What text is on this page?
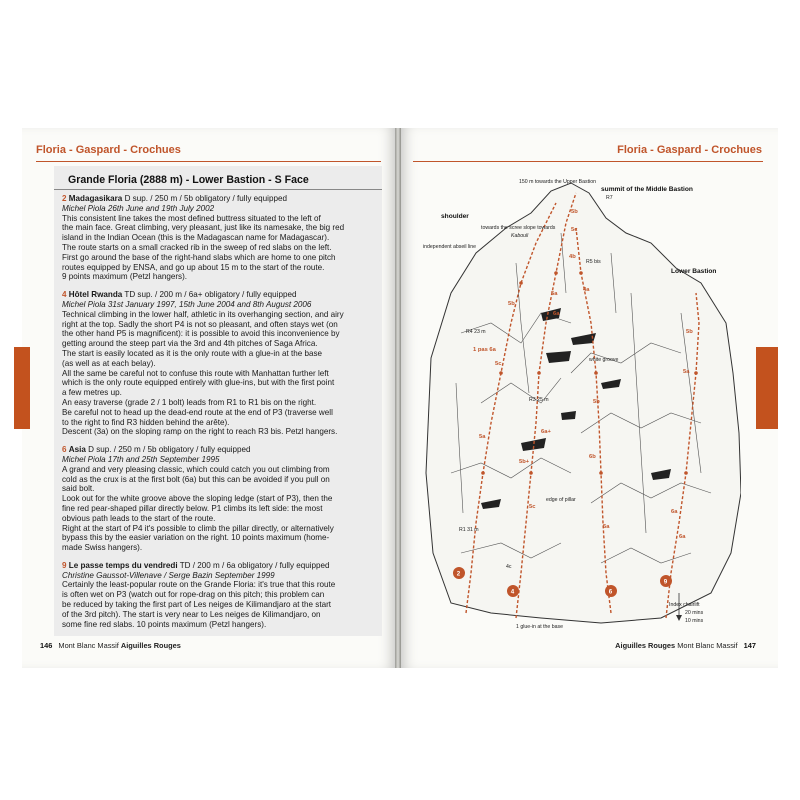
Floria - Gaspard - Crochues
Grande Floria (2888 m) - Lower Bastion - S Face
2 Madagasikara D sup. / 250 m / 5b obligatory / fully equipped
Michel Piola 26th June and 19th July 2002
This consistent line takes the most defined buttress situated to the left of
the main face. Great climbing, very pleasant, just like its namesake, the big red
island in the Indian Ocean (this is the Madagascan name for Madagascar).
The route starts on a small cracked rib in the sweep of red slabs on the left.
First go around the base of the right-hand slabs which are home to one pitch
routes equipped by ENSA, and go up about 15 m to the start of the route.
9 points maximum (Petzl hangers).
4 Hôtel Rwanda TD sup. / 200 m / 6a+ obligatory / fully equipped
Michel Piola 31st January 1997, 15th June 2004 and 8th August 2006
Technical climbing in the lower half, athletic in its overhanging section, and airy
right at the top. Sadly the short P4 is not so pleasant, and often stays wet (on
the other hand P5 is magnificent): it is possible to avoid this inconvenience by
getting around the steep part via the 3rd and 4th pitches of Saga Africa.
The start is easily located as it is the only route with a glue-in at the base
(as well as at each belay).
All the same be careful not to confuse this route with Manhattan further left
which is the only route equipped entirely with glue-ins, but with the first point
a few metres up.
An easy traverse (grade 2 / 1 bolt) leads from R1 to R1 bis on the right.
Be careful not to head up the dead-end route at the end of P3 (traverse well
to the right to find R3 hidden behind the arête).
Descent (3a) on the sloping ramp on the right to reach R3 bis. Petzl hangers.
6 Asia D sup. / 250 m / 5b obligatory / fully equipped
Michel Piola 17th and 25th September 1995
A grand and very pleasing classic, which could catch you out climbing from
cold as the crux is at the first bolt (6a) but this can be avoided if you pull on
said bolt.
Look out for the white groove above the sloping ledge (start of P3), then the
fine red pear-shaped pillar directly below. P1 climbs its left side: the most
obvious path leads to the start of the route.
Right at the start of P4 it's possible to climb the pillar directly, or alternatively
bypass this by the easier variation on the right. 10 points maximum (home-
made Swiss hangers).
9 Le passe temps du vendredi TD / 200 m / 6a obligatory / fully equipped
Christine Gaussot-Villenave / Serge Bazin September 1999
Certainly the least-popular route on the Grande Floria: it's true that this route
is often wet on P3 (watch out for rope-drag on this pitch; this problem can
be reduced by taking the first part of Les neiges de Kilimandjaro at the start
of the 3rd pitch). The start is very near to Les neiges de Kilimandjaro, on
some fine red slabs. 10 points maximum (Petzl hangers).
146 Mont Blanc Massif Aiguilles Rouges
Floria - Gaspard - Crochues
150 m towards the Upper Bastion
summit of the Middle Bastion
shoulder
towards the scree slope towards
Kabouli
independent abseil line
Lower Bastion
white groove
edge of pillar
1 glue-in at the base
Index chairlift
20 mins
10 mins
R1 31 m
R3 25 m
R4 23 m
1 pas 6a
R5 bis
R7
5b
5c
4b
5a
6a
5b
5c
5a
6a+
5b+
5c
6b
5b
4a
6a
5b
5a
4c
5a
6a
2
4	6
9
Aiguilles Rouges Mont Blanc Massif 147
